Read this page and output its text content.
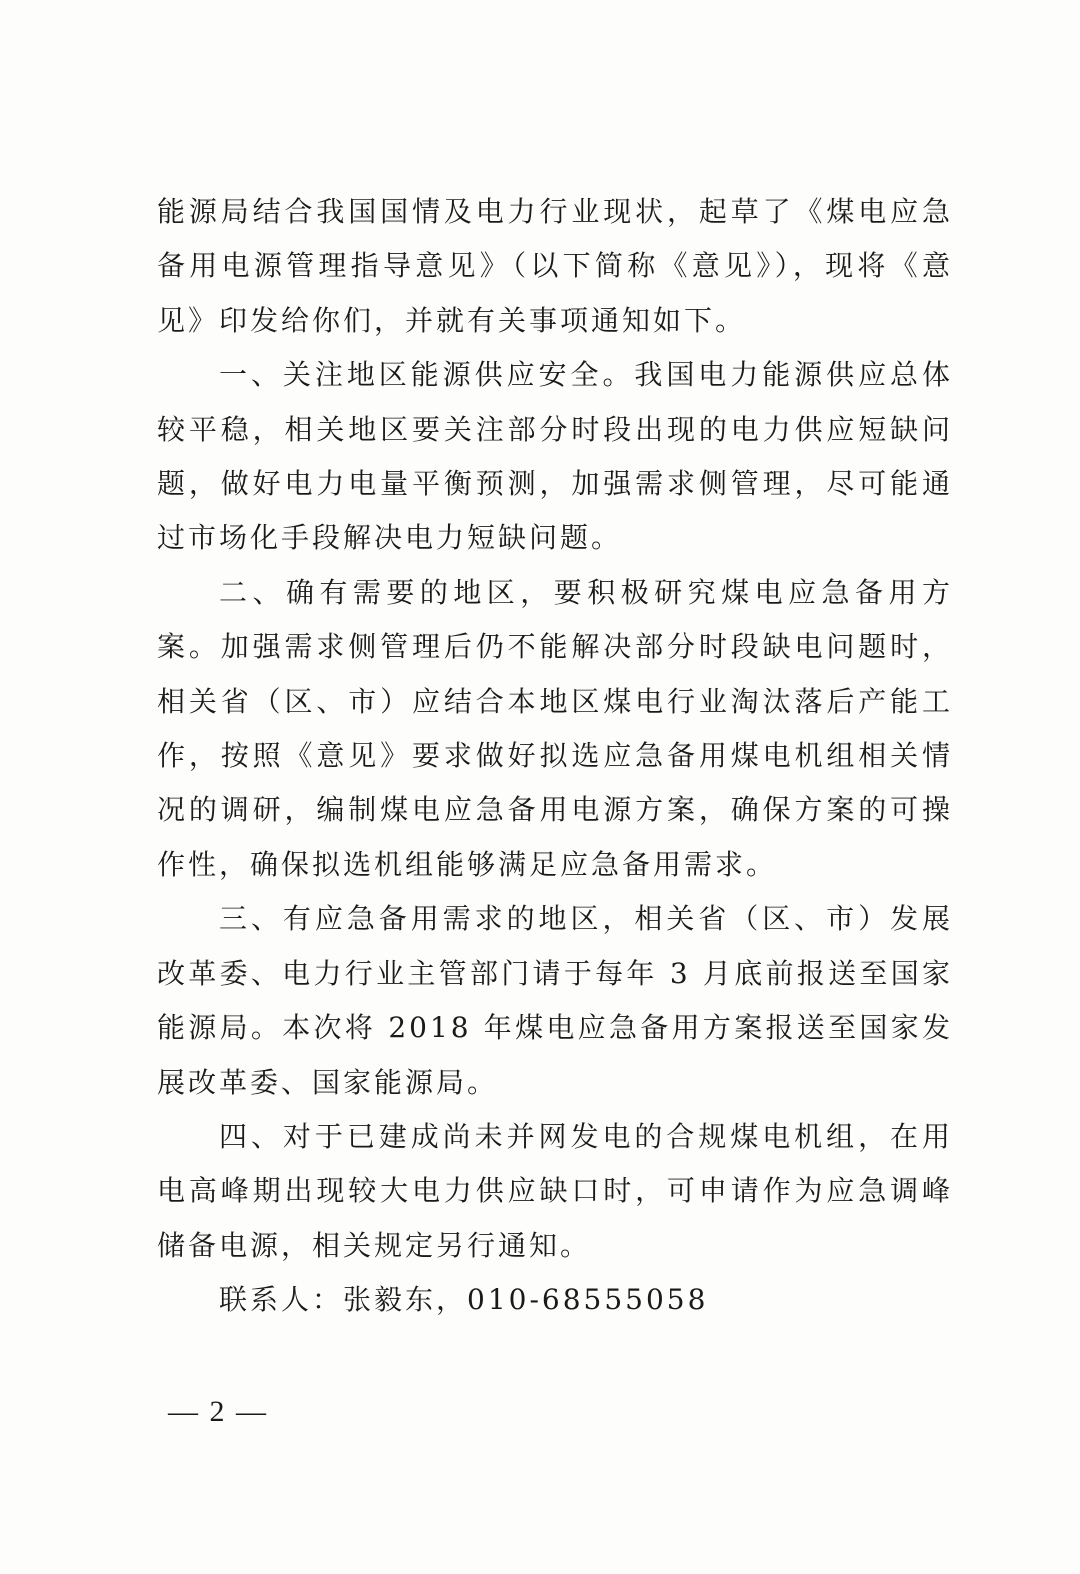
能源局结合我国国情及电力行业现状，起草了《煤电应急备用电源管理指导意见》（以下简称《意见》），现将《意见》印发给你们，并就有关事项通知如下。

一、关注地区能源供应安全。我国电力能源供应总体较平稳，相关地区要关注部分时段出现的电力供应短缺问题，做好电力电量平衡预测，加强需求侧管理，尽可能通过市场化手段解决电力短缺问题。

二、确有需要的地区，要积极研究煤电应急备用方案。加强需求侧管理后仍不能解决部分时段缺电问题时，相关省（区、市）应结合本地区煤电行业淘汰落后产能工作，按照《意见》要求做好拟选应急备用煤电机组相关情况的调研，编制煤电应急备用电源方案，确保方案的可操作性，确保拟选机组能够满足应急备用需求。

三、有应急备用需求的地区，相关省（区、市）发展改革委、电力行业主管部门请于每年 3 月底前报送至国家能源局。本次将 2018 年煤电应急备用方案报送至国家发展改革委、国家能源局。

四、对于已建成尚未并网发电的合规煤电机组，在用电高峰期出现较大电力供应缺口时，可申请作为应急调峰储备电源，相关规定另行通知。

联系人：张毅东，010-68555058

— 2 —
